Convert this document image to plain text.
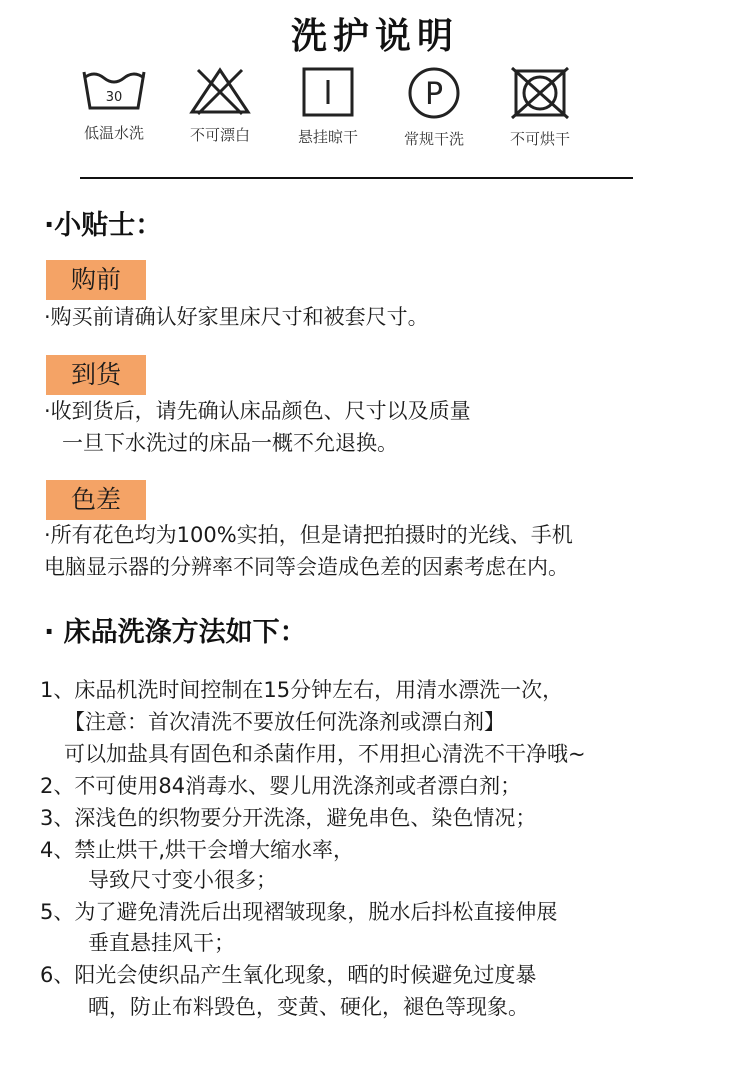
洗护说明
30
低温水洗	不可漂白	悬挂晾干
P
常规干洗	不可烘干
·小贴士：
购前
·购买前请确认好家里床尺寸和被套尺寸。
到货
·收到货后，请先确认床品颜色、尺寸以及质量
一旦下水洗过的床品一概不允退换。
色差
·所有花色均为100%实拍，但是请把拍摄时的光线、手机
电脑显示器的分辨率不同等会造成色差的因素考虑在内。
· 床品洗涤方法如下：
1、床品机洗时间控制在15分钟左右，用清水漂洗一次，
【注意：首次清洗不要放任何洗涤剂或漂白剂】
可以加盐具有固色和杀菌作用，不用担心清洗不干净哦~
2、不可使用84消毒水、婴儿用洗涤剂或者漂白剂；
3、深浅色的织物要分开洗涤，避免串色、染色情况；
4、禁止烘干,烘干会增大缩水率，
导致尺寸变小很多；
5、为了避免清洗后出现褶皱现象，脱水后抖松直接伸展
垂直悬挂风干；
6、阳光会使织品产生氧化现象，晒的时候避免过度暴
晒，防止布料毁色，变黄、硬化，褪色等现象。
